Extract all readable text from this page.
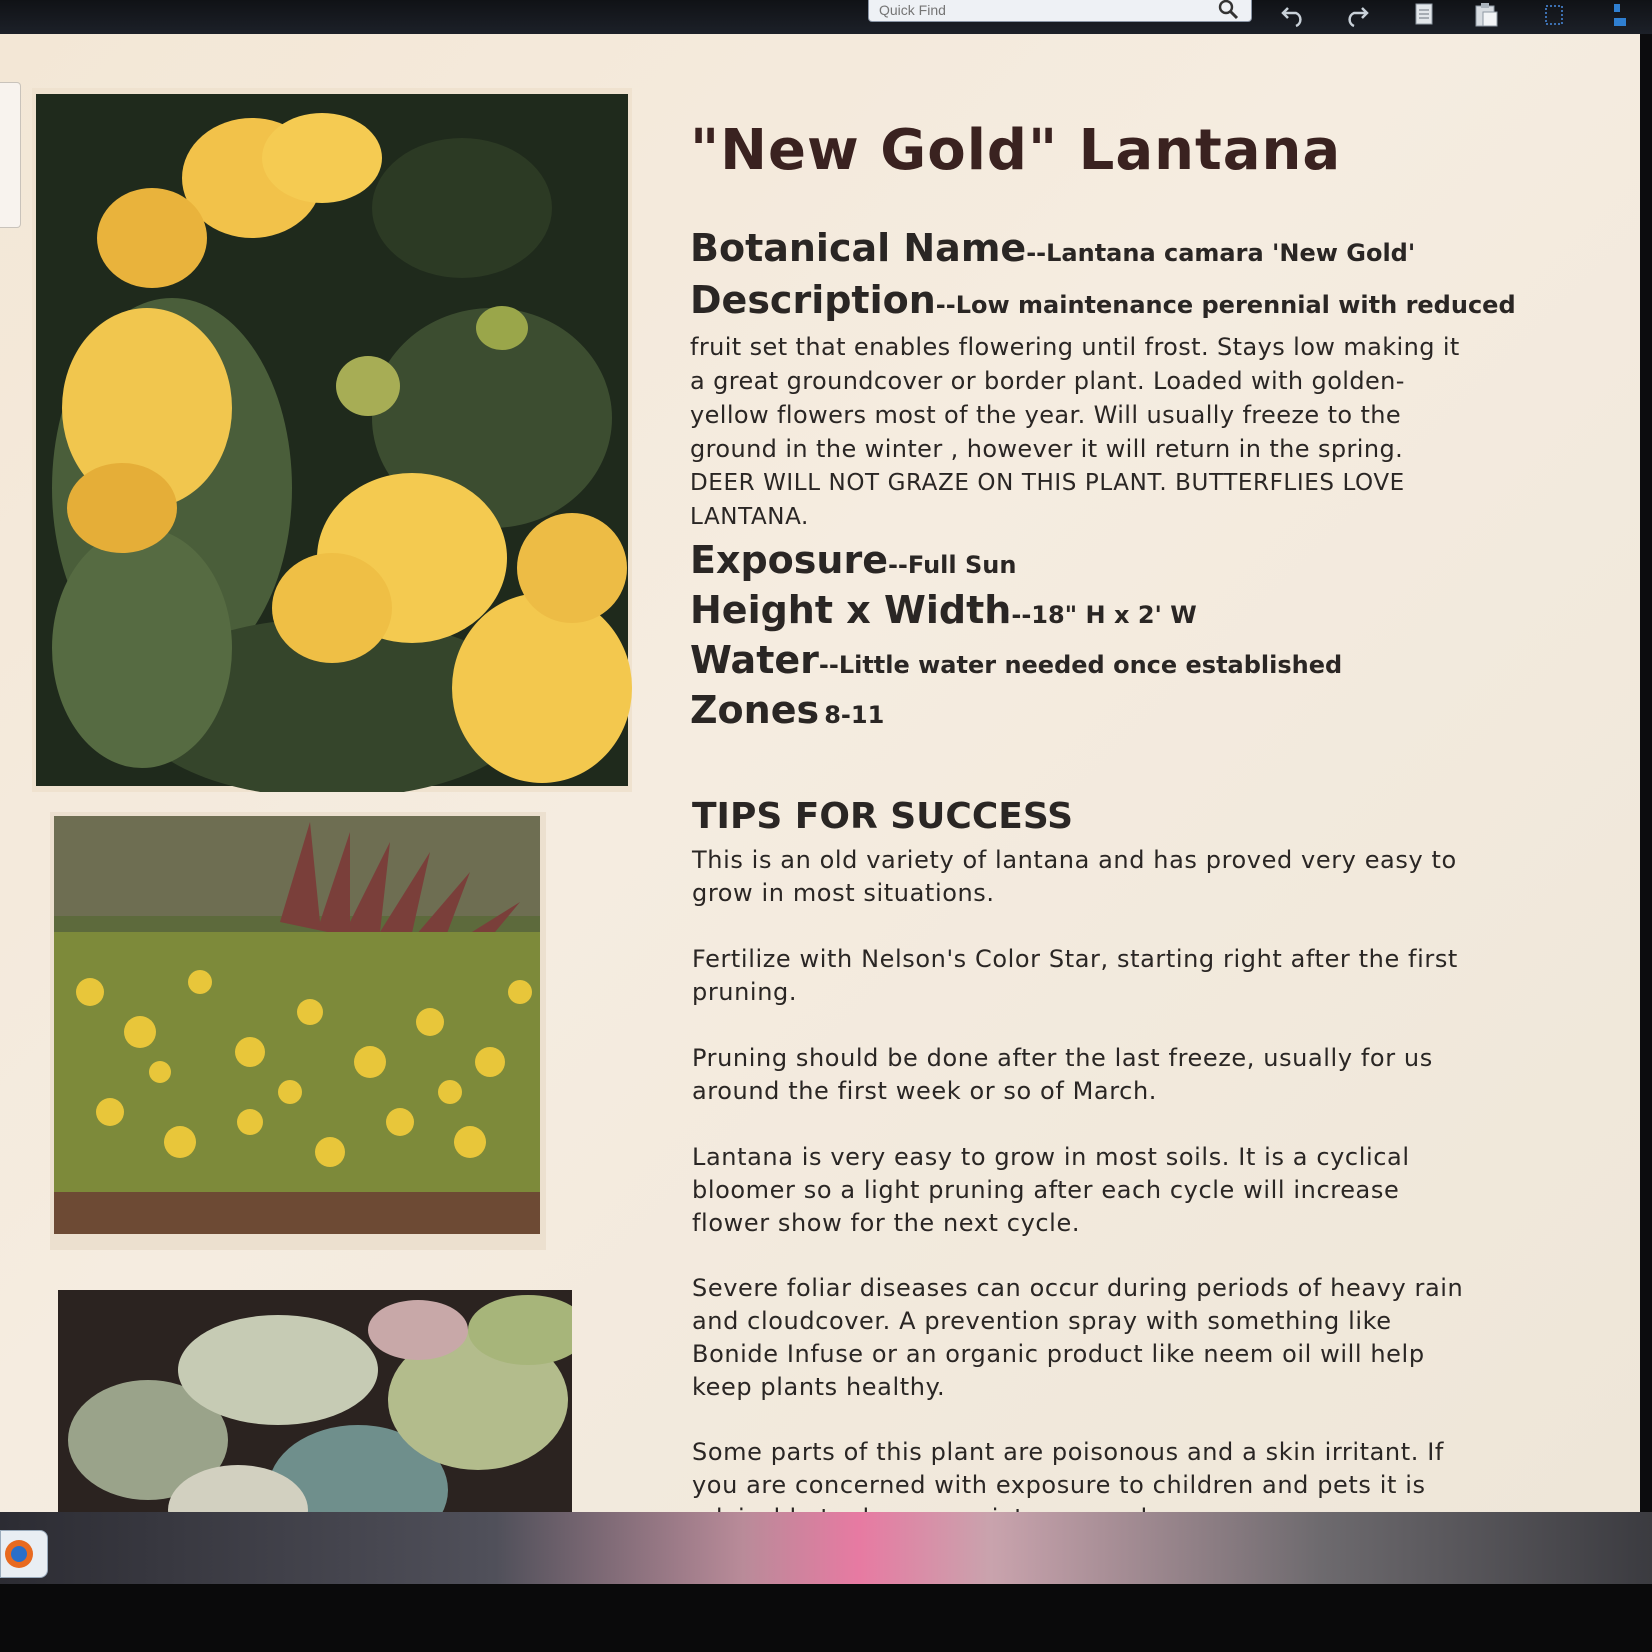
Quick Find
"New Gold" Lantana
Botanical Name--Lantana camara 'New Gold'
Description--Low maintenance perennial with reduced
fruit set that enables flowering until frost. Stays low making it
a great groundcover or border plant. Loaded with golden-
yellow flowers most of the year. Will usually freeze to the
ground in the winter , however it will return in the spring.
DEER WILL NOT GRAZE ON THIS PLANT. BUTTERFLIES LOVE
LANTANA.
Exposure--Full Sun
Height x Width--18" H x 2' W
Water--Little water needed once established
Zones 8-11
TIPS FOR SUCCESS
This is an old variety of lantana and has proved very easy to
grow in most situations.
Fertilize with Nelson's Color Star, starting right after the first
pruning.
Pruning should be done after the last freeze, usually for us
around the first week or so of March.
Lantana is very easy to grow in most soils. It is a cyclical
bloomer so a light pruning after each cycle will increase
flower show for the next cycle.
Severe foliar diseases can occur during periods of heavy rain
and cloudcover. A prevention spray with something like
Bonide Infuse or an organic product like neem oil will help
keep plants healthy.
Some parts of this plant are poisonous and a skin irritant. If
you are concerned with exposure to children and pets it is
